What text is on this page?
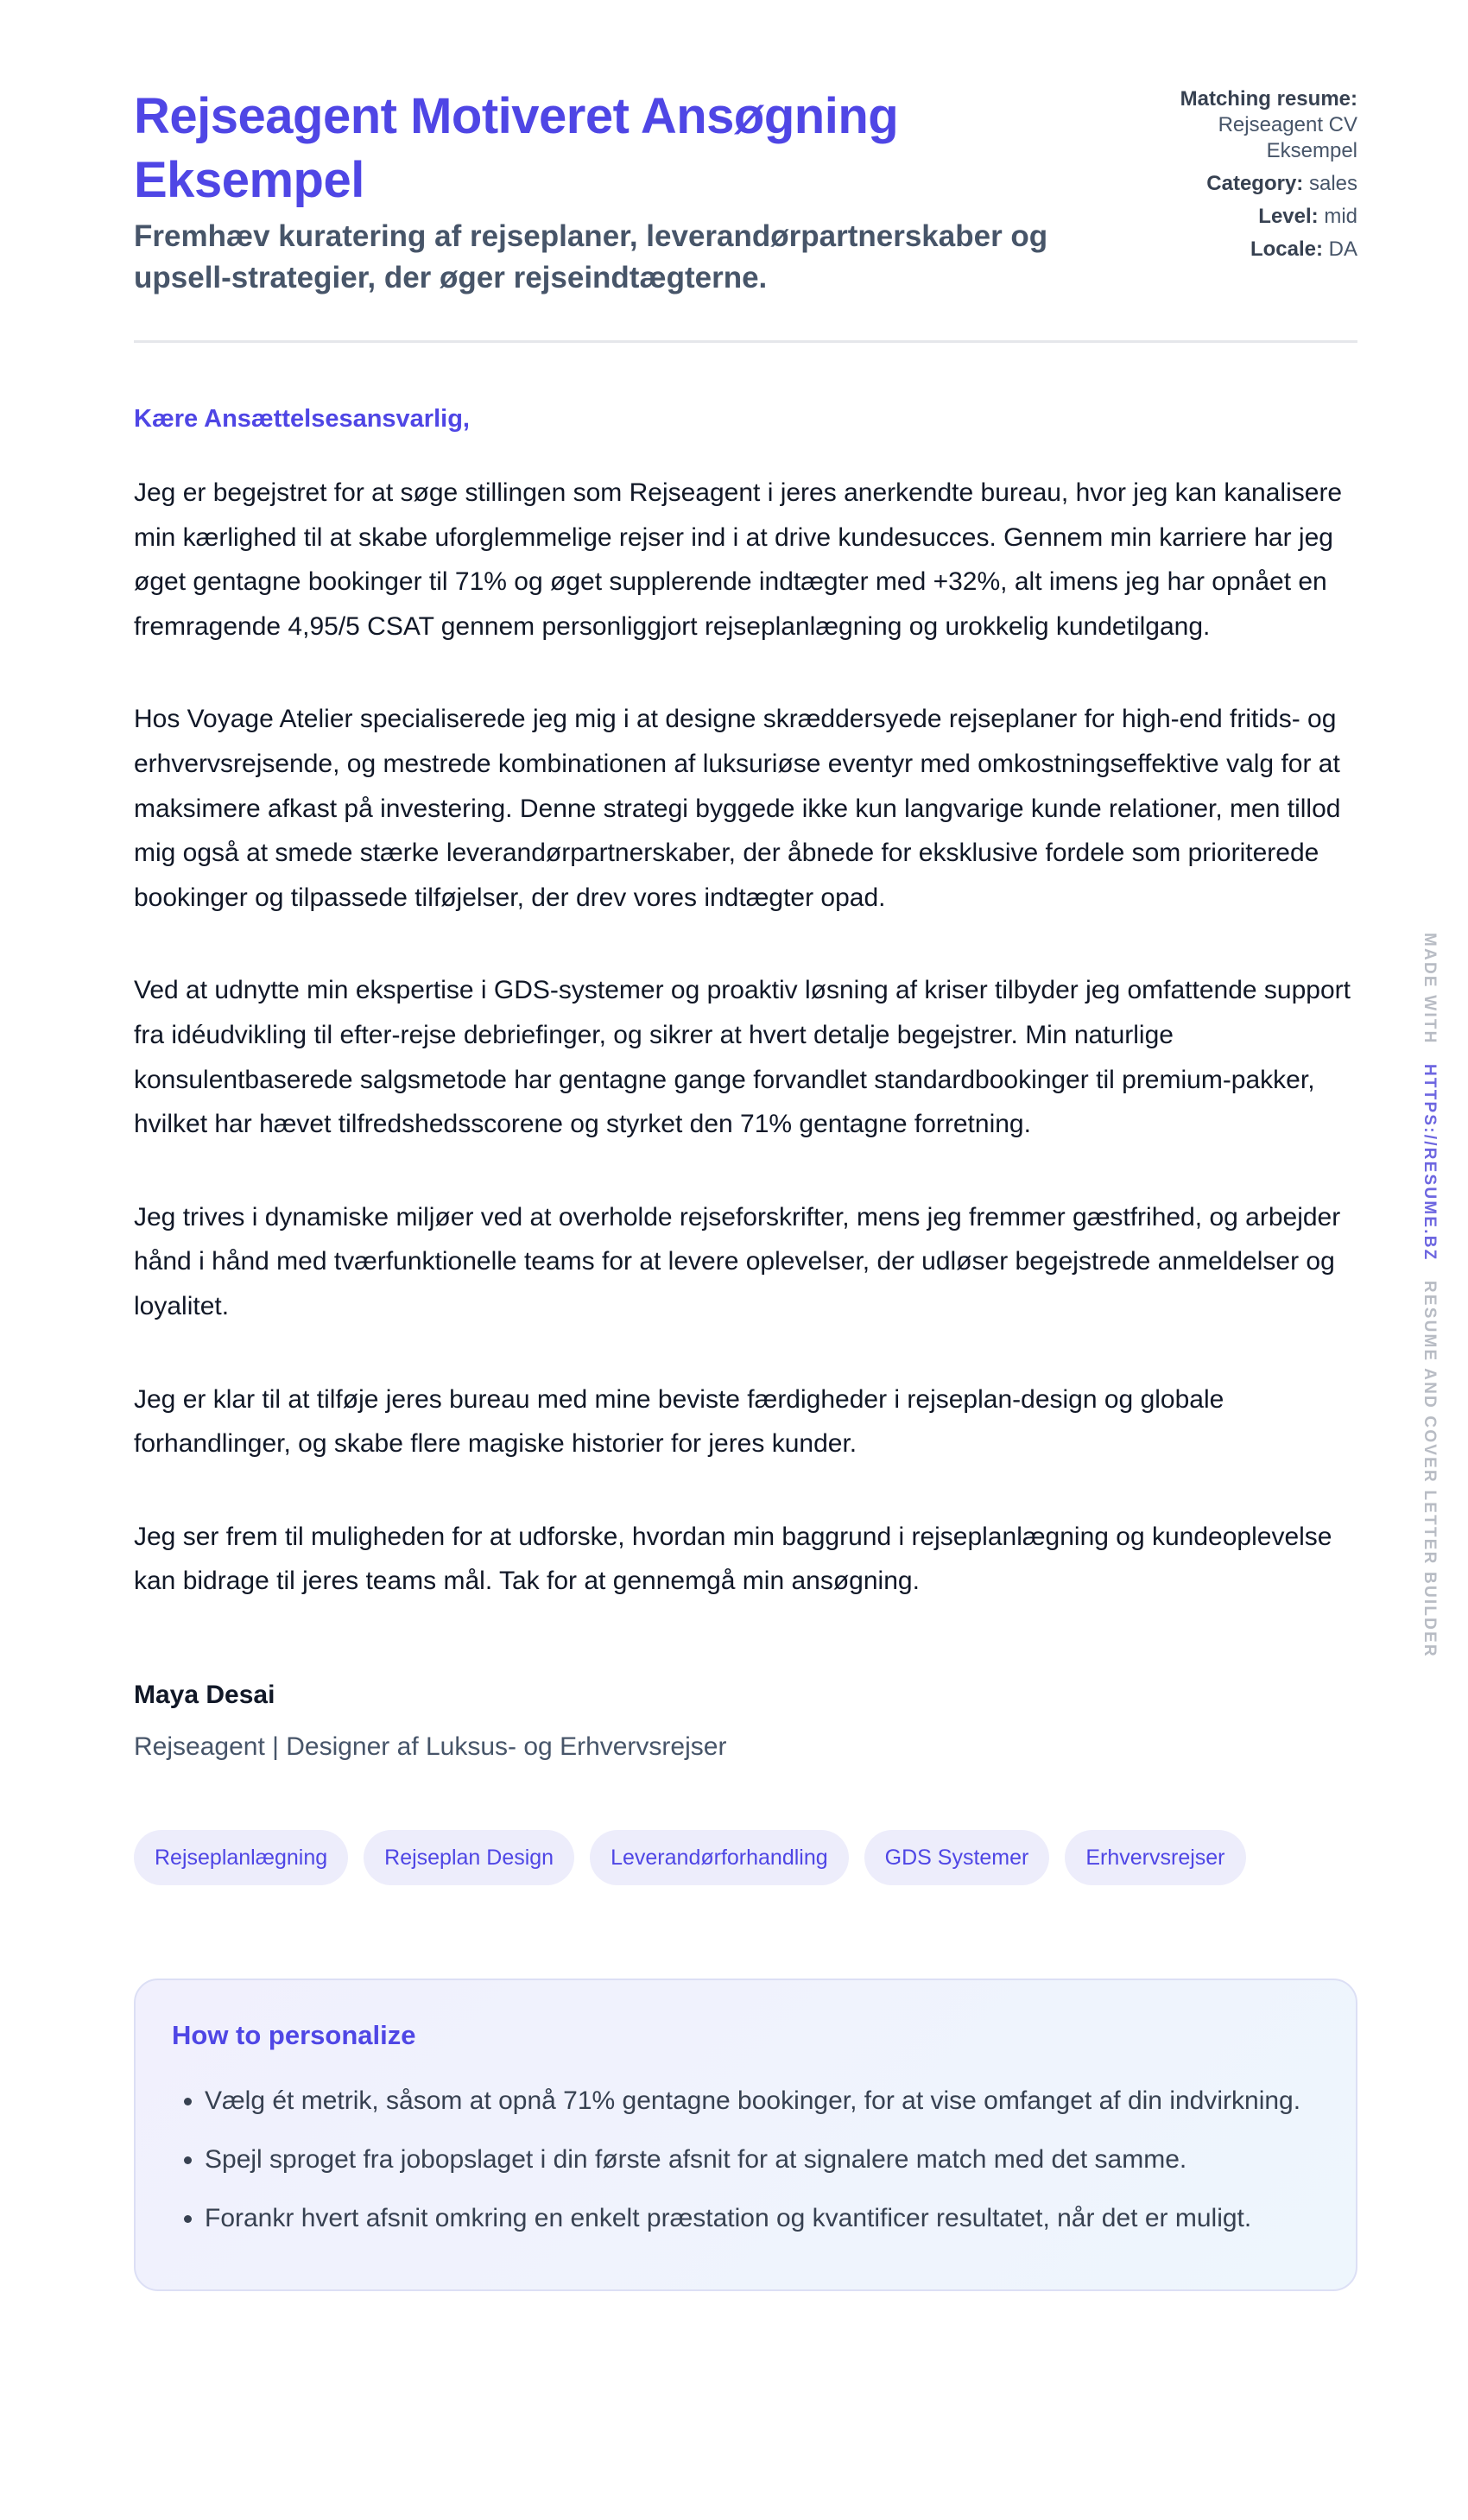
Rejseagent Motiveret Ansøgning Eksempel
Fremhæv kuratering af rejseplaner, leverandørpartnerskaber og upsell-strategier, der øger rejseindtægterne.
Matching resume:
Rejseagent CV Eksempel
Category: sales
Level: mid
Locale: DA
Kære Ansættelsesansvarlig,

Jeg er begejstret for at søge stillingen som Rejseagent i jeres anerkendte bureau, hvor jeg kan kanalisere min kærlighed til at skabe uforglemmelige rejser ind i at drive kundesucces. Gennem min karriere har jeg øget gentagne bookinger til 71% og øget supplerende indtægter med +32%, alt imens jeg har opnået en fremragende 4,95/5 CSAT gennem personliggjort rejseplanlægning og urokkelig kundetilgang.

Hos Voyage Atelier specialiserede jeg mig i at designe skræddersyede rejseplaner for high-end fritids- og erhvervsrejsende, og mestrede kombinationen af luksuriøse eventyr med omkostningseffektive valg for at maksimere afkast på investering. Denne strategi byggede ikke kun langvarige kunde relationer, men tillod mig også at smede stærke leverandørpartnerskaber, der åbnede for eksklusive fordele som prioriterede bookinger og tilpassede tilføjelser, der drev vores indtægter opad.

Ved at udnytte min ekspertise i GDS-systemer og proaktiv løsning af kriser tilbyder jeg omfattende support fra idéudvikling til efter-rejse debriefinger, og sikrer at hvert detalje begejstrer. Min naturlige konsulentbaserede salgsmetode har gentagne gange forvandlet standardbookinger til premium-pakker, hvilket har hævet tilfredshedsscorene og styrket den 71% gentagne forretning.

Jeg trives i dynamiske miljøer ved at overholde rejseforskrifter, mens jeg fremmer gæstfrihed, og arbejder hånd i hånd med tværfunktionelle teams for at levere oplevelser, der udløser begejstrede anmeldelser og loyalitet.

Jeg er klar til at tilføje jeres bureau med mine beviste færdigheder i rejseplan-design og globale forhandlinger, og skabe flere magiske historier for jeres kunder.

Jeg ser frem til muligheden for at udforske, hvordan min baggrund i rejseplanlægning og kundeoplevelse kan bidrage til jeres teams mål. Tak for at gennemgå min ansøgning.

Maya Desai
Rejseagent | Designer af Luksus- og Erhvervsrejser
Rejseplanlægning	Rejseplan Design	Leverandørforhandling	GDS Systemer	Erhvervsrejser
How to personalize
• Vælg ét metrik, såsom at opnå 71% gentagne bookinger, for at vise omfanget af din indvirkning.
• Spejl sproget fra jobopslaget i din første afsnit for at signalere match med det samme.
• Forankr hvert afsnit omkring en enkelt præstation og kvantificer resultatet, når det er muligt.
MADE WITH   HTTPS://RESUME.BZ   RESUME AND COVER LETTER BUILDER
